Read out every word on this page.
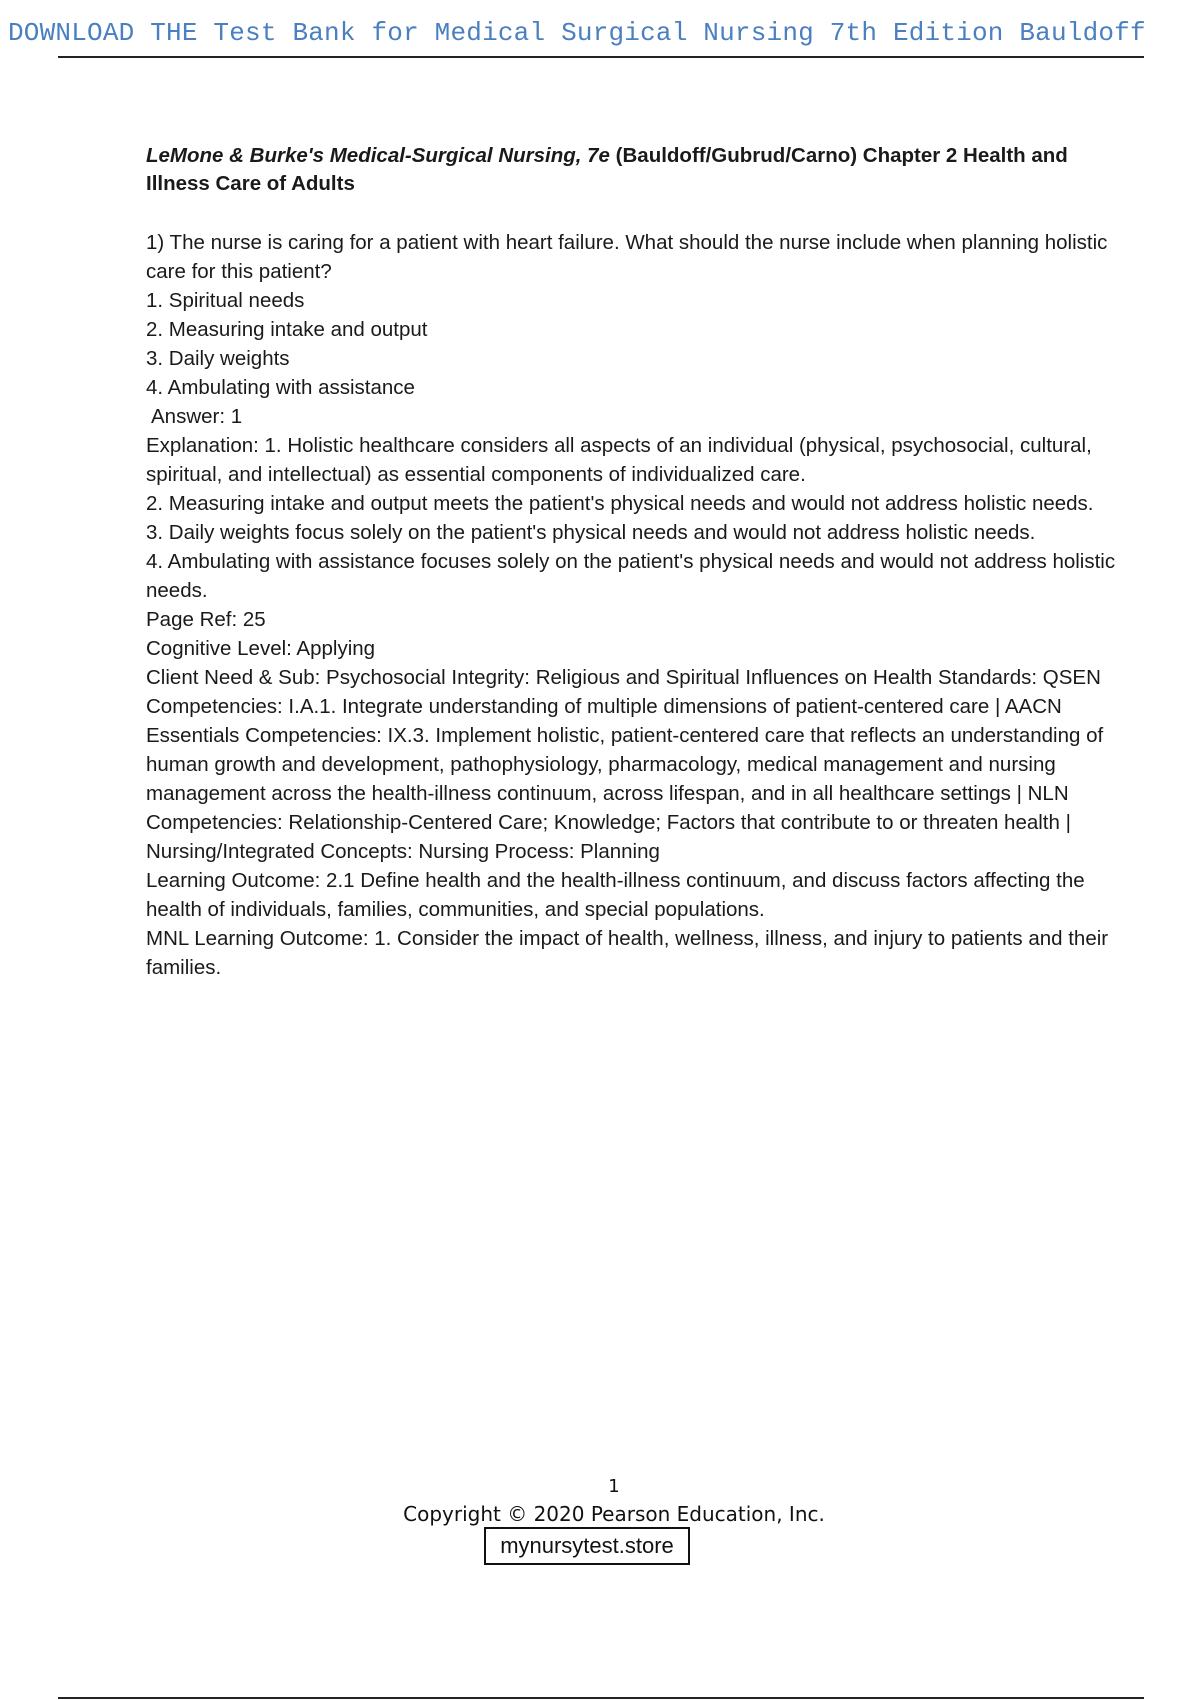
DOWNLOAD THE Test Bank for Medical Surgical Nursing 7th Edition Bauldoff
LeMone & Burke's Medical-Surgical Nursing, 7e (Bauldoff/Gubrud/Carno) Chapter 2 Health and Illness Care of Adults

1) The nurse is caring for a patient with heart failure. What should the nurse include when planning holistic care for this patient?

1. Spiritual needs
2. Measuring intake and output
3. Daily weights
4. Ambulating with assistance

Answer: 1

Explanation: 1. Holistic healthcare considers all aspects of an individual (physical, psychosocial, cultural, spiritual, and intellectual) as essential components of individualized care.

2. Measuring intake and output meets the patient's physical needs and would not address holistic needs.

3. Daily weights focus solely on the patient's physical needs and would not address holistic needs.

4. Ambulating with assistance focuses solely on the patient's physical needs and would not address holistic needs.

Page Ref: 25

Cognitive Level: Applying

Client Need & Sub: Psychosocial Integrity: Religious and Spiritual Influences on Health Standards: QSEN Competencies: I.A.1. Integrate understanding of multiple dimensions of patient-centered care | AACN Essentials Competencies: IX.3. Implement holistic, patient-centered care that reflects an understanding of human growth and development, pathophysiology, pharmacology, medical management and nursing management across the health-illness continuum, across lifespan, and in all healthcare settings | NLN Competencies: Relationship-Centered Care; Knowledge; Factors that contribute to or threaten health | Nursing/Integrated Concepts: Nursing Process: Planning

Learning Outcome: 2.1 Define health and the health-illness continuum, and discuss factors affecting the health of individuals, families, communities, and special populations.

MNL Learning Outcome: 1. Consider the impact of health, wellness, illness, and injury to patients and their families.

1
Copyright © 2020 Pearson Education, Inc.
mynursytest.store
